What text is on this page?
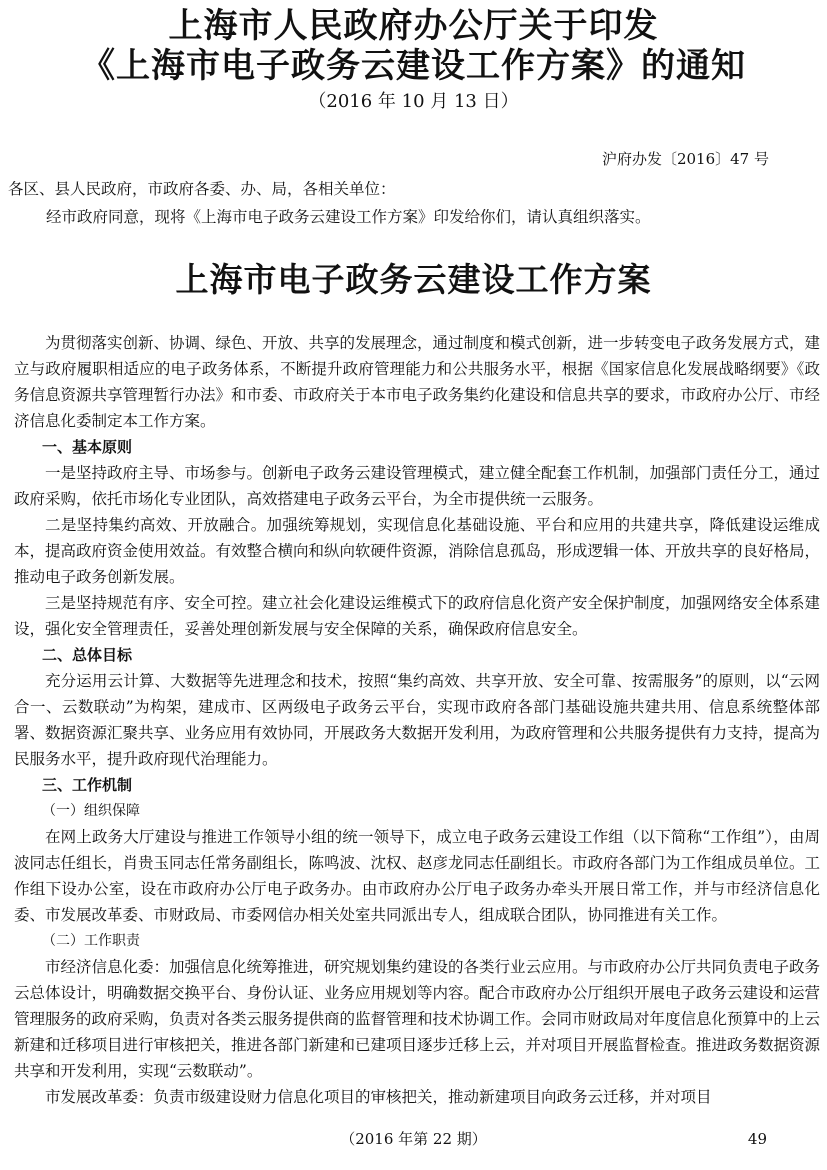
上海市人民政府办公厅关于印发
《上海市电子政务云建设工作方案》的通知
（2016 年 10 月 13 日）
沪府办发〔2016〕47 号

各区、县人民政府，市政府各委、办、局，各相关单位：

经市政府同意，现将《上海市电子政务云建设工作方案》印发给你们，请认真组织落实。

上海市电子政务云建设工作方案

为贯彻落实创新、协调、绿色、开放、共享的发展理念，通过制度和模式创新，进一步转变电子政务发展方式，建立与政府履职相适应的电子政务体系，不断提升政府管理能力和公共服务水平，根据《国家信息化发展战略纲要》《政务信息资源共享管理暂行办法》和市委、市政府关于本市电子政务集约化建设和信息共享的要求，市政府办公厅、市经济信息化委制定本工作方案。

一、基本原则

一是坚持政府主导、市场参与。创新电子政务云建设管理模式，建立健全配套工作机制，加强部门责任分工，通过政府采购，依托市场化专业团队，高效搭建电子政务云平台，为全市提供统一云服务。

二是坚持集约高效、开放融合。加强统筹规划，实现信息化基础设施、平台和应用的共建共享，降低建设运维成本，提高政府资金使用效益。有效整合横向和纵向软硬件资源，消除信息孤岛，形成逻辑一体、开放共享的良好格局，推动电子政务创新发展。

三是坚持规范有序、安全可控。建立社会化建设运维模式下的政府信息化资产安全保护制度，加强网络安全体系建设，强化安全管理责任，妥善处理创新发展与安全保障的关系，确保政府信息安全。

二、总体目标

充分运用云计算、大数据等先进理念和技术，按照“集约高效、共享开放、安全可靠、按需服务”的原则，以“云网合一、云数联动”为构架，建成市、区两级电子政务云平台，实现市政府各部门基础设施共建共用、信息系统整体部署、数据资源汇聚共享、业务应用有效协同，开展政务大数据开发利用，为政府管理和公共服务提供有力支持，提高为民服务水平，提升政府现代治理能力。

三、工作机制

（一）组织保障

在网上政务大厅建设与推进工作领导小组的统一领导下，成立电子政务云建设工作组（以下简称“工作组”），由周波同志任组长，肖贵玉同志任常务副组长，陈鸣波、沈权、赵彦龙同志任副组长。市政府各部门为工作组成员单位。工作组下设办公室，设在市政府办公厅电子政务办。由市政府办公厅电子政务办牵头开展日常工作，并与市经济信息化委、市发展改革委、市财政局、市委网信办相关处室共同派出专人，组成联合团队，协同推进有关工作。

（二）工作职责

市经济信息化委：加强信息化统筹推进，研究规划集约建设的各类行业云应用。与市政府办公厅共同负责电子政务云总体设计，明确数据交换平台、身份认证、业务应用规划等内容。配合市政府办公厅组织开展电子政务云建设和运营管理服务的政府采购，负责对各类云服务提供商的监督管理和技术协调工作。会同市财政局对年度信息化预算中的上云新建和迁移项目进行审核把关，推进各部门新建和已建项目逐步迁移上云，并对项目开展监督检查。推进政务数据资源共享和开发利用，实现“云数联动”。

市发展改革委：负责市级建设财力信息化项目的审核把关，推动新建项目向政务云迁移，并对项目

（2016 年第 22 期）	49
